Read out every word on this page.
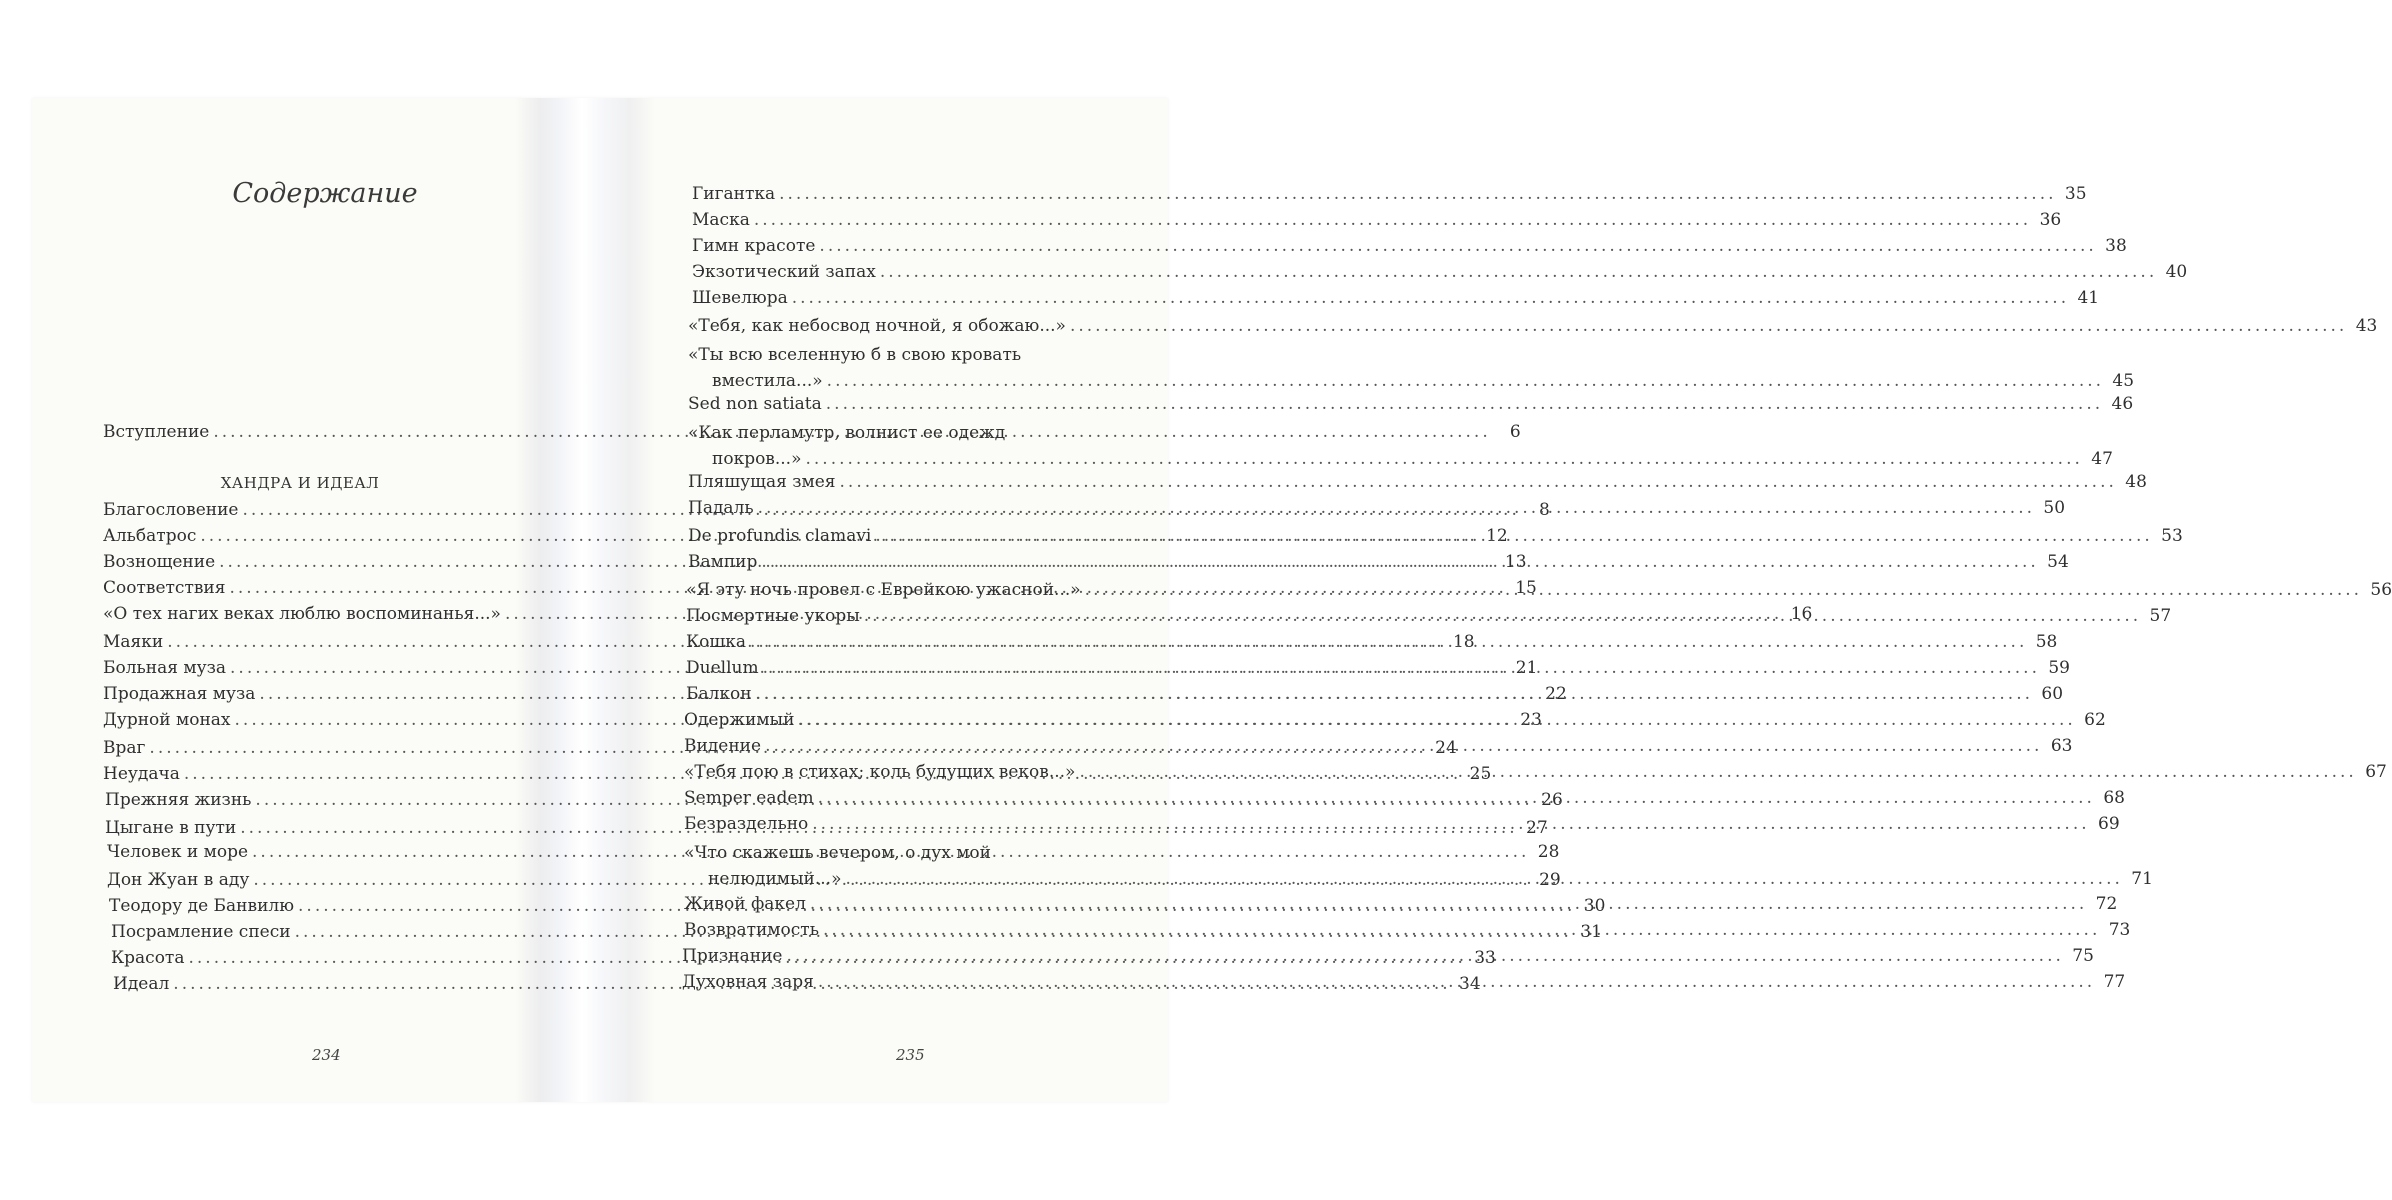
Содержание
Вступление .....	6
Благословение .....	8
Альбатрос .....	12
Вознощение .....	13
Соответствия .....	15
«О тех нагих веках люблю воспоминанья...» .....	16
Маяки .....	18
Больная муза .....	21
Продажная муза .....	22
Дурной монах .....	23
Враг .....	24
Неудача .....	25
Прежняя жизнь .....	26
Цыгане в пути .....	27
Человек и море .....	28
Дон Жуан в аду .....	29
Теодору де Банвилю .....	30
Посрамление спеси .....	31
Красота .....	33
Идеал .....	34
ХАНДРА И ИДЕАЛ
234
Гигантка .....	35
Маска .....	36
Гимн красоте .....	38
Экзотический запах .....	40
Шевелюра .....	41
«Тебя, как небосвод ночной, я обожаю...» .....	43
«Ты всю вселенную б в свою кровать
вместила...» .....	45
Sed non satiata .....	46
«Как перламутр, волнист ее одежд
покров...» .....	47
Пляшущая змея .....	48
Падаль .....	50
De profundis clamavi .....	53
Вампир .....	54
«Я эту ночь провел с Еврейкою ужасной...» .....	56
Посмертные укоры .....	57
Кошка .....	58
Duellum .....	59
Балкон .....	60
Одержимый .....	62
Видение .....	63
«Тебя пою в стихах; коль будущих веков...» .....	67
Semper eadem .....	68
Безраздельно .....	69
«Что скажешь вечером, о дух мой
нелюдимый...» .....	71
Живой факел .....	72
Возвратимость .....	73
Признание .....	75
Духовная заря .....	77
235
